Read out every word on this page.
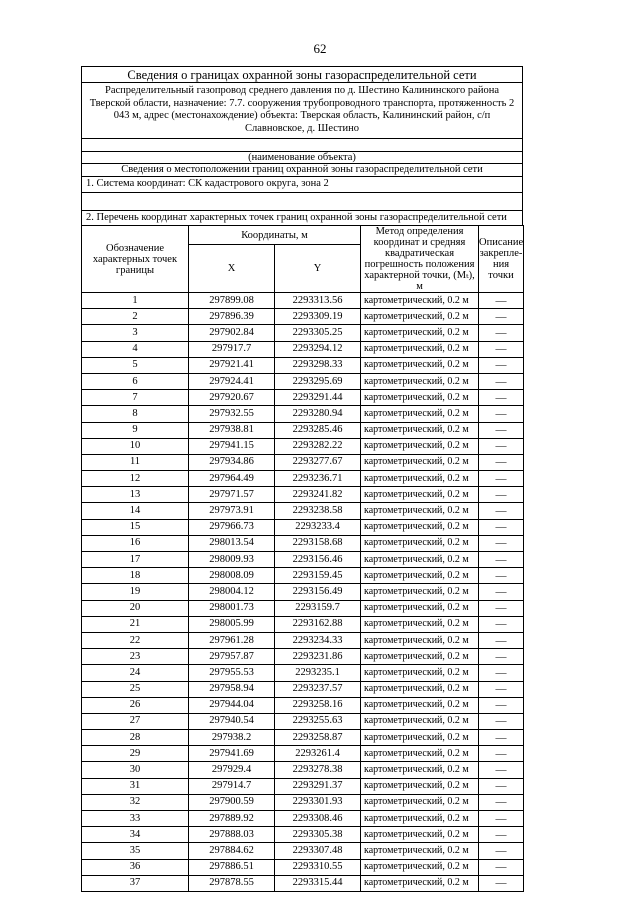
62
Сведения о границах охранной зоны газораспределительной сети
Распределительный газопровод среднего давления по д. Шестино Калининского района Тверской области, назначение: 7.7. сооружения трубопроводного транспорта, протяженность 2 043 м, адрес (местонахождение) объекта: Тверская область, Калининский район, с/п Славновское, д. Шестино
(наименование объекта)
Сведения о местоположении границ охранной зоны газораспределительной сети
1. Система координат: СК кадастрового округа, зона 2
2. Перечень координат характерных точек границ охранной зоны газораспределительной сети
Обозначение характерных точек границы	Координаты, м		Метод определения координат и средняя квадратическая погрешность положения характерной точки, (Mₜ), м	Описание закрепле-ния точки
	X	Y		
1	297899.08	2293313.56	картометрический, 0.2 м	—
2	297896.39	2293309.19	картометрический, 0.2 м	—
3	297902.84	2293305.25	картометрический, 0.2 м	—
4	297917.7	2293294.12	картометрический, 0.2 м	—
5	297921.41	2293298.33	картометрический, 0.2 м	—
6	297924.41	2293295.69	картометрический, 0.2 м	—
7	297920.67	2293291.44	картометрический, 0.2 м	—
8	297932.55	2293280.94	картометрический, 0.2 м	—
9	297938.81	2293285.46	картометрический, 0.2 м	—
10	297941.15	2293282.22	картометрический, 0.2 м	—
11	297934.86	2293277.67	картометрический, 0.2 м	—
12	297964.49	2293236.71	картометрический, 0.2 м	—
13	297971.57	2293241.82	картометрический, 0.2 м	—
14	297973.91	2293238.58	картометрический, 0.2 м	—
15	297966.73	2293233.4	картометрический, 0.2 м	—
16	298013.54	2293158.68	картометрический, 0.2 м	—
17	298009.93	2293156.46	картометрический, 0.2 м	—
18	298008.09	2293159.45	картометрический, 0.2 м	—
19	298004.12	2293156.49	картометрический, 0.2 м	—
20	298001.73	2293159.7	картометрический, 0.2 м	—
21	298005.99	2293162.88	картометрический, 0.2 м	—
22	297961.28	2293234.33	картометрический, 0.2 м	—
23	297957.87	2293231.86	картометрический, 0.2 м	—
24	297955.53	2293235.1	картометрический, 0.2 м	—
25	297958.94	2293237.57	картометрический, 0.2 м	—
26	297944.04	2293258.16	картометрический, 0.2 м	—
27	297940.54	2293255.63	картометрический, 0.2 м	—
28	297938.2	2293258.87	картометрический, 0.2 м	—
29	297941.69	2293261.4	картометрический, 0.2 м	—
30	297929.4	2293278.38	картометрический, 0.2 м	—
31	297914.7	2293291.37	картометрический, 0.2 м	—
32	297900.59	2293301.93	картометрический, 0.2 м	—
33	297889.92	2293308.46	картометрический, 0.2 м	—
34	297888.03	2293305.38	картометрический, 0.2 м	—
35	297884.62	2293307.48	картометрический, 0.2 м	—
36	297886.51	2293310.55	картометрический, 0.2 м	—
37	297878.55	2293315.44	картометрический, 0.2 м	—
